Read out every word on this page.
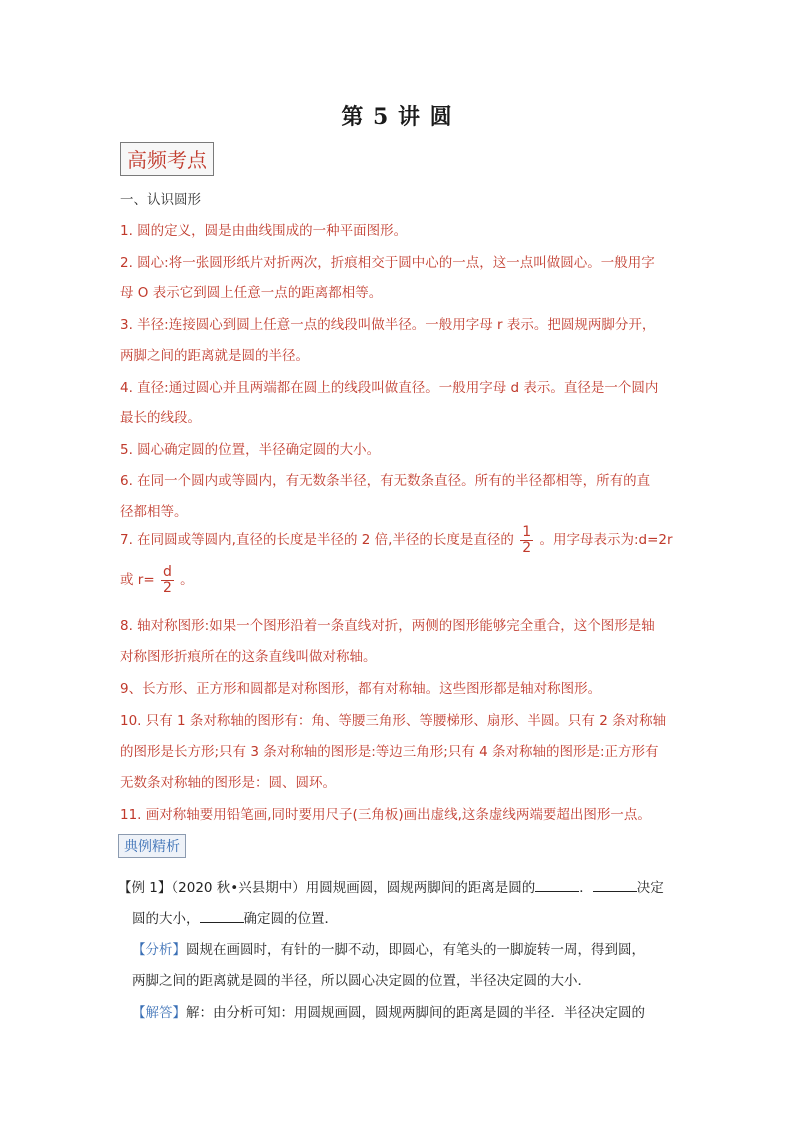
第 5 讲 圆
高频考点
一、认识圆形
1. 圆的定义，圆是由曲线围成的一种平面图形。
2. 圆心:将一张圆形纸片对折两次，折痕相交于圆中心的一点，这一点叫做圆心。一般用字
母 O 表示它到圆上任意一点的距离都相等。
3. 半径:连接圆心到圆上任意一点的线段叫做半径。一般用字母 r 表示。把圆规两脚分开，
两脚之间的距离就是圆的半径。
4. 直径:通过圆心并且两端都在圆上的线段叫做直径。一般用字母 d 表示。直径是一个圆内
最长的线段。
5. 圆心确定圆的位置，半径确定圆的大小。
6. 在同一个圆内或等圆内，有无数条半径，有无数条直径。所有的半径都相等，所有的直
径都相等。
7. 在同圆或等圆内,直径的长度是半径的 2 倍,半径的长度是直径的 $\frac{1}{2}$ 。用字母表示为:d=2r
或 $r= \frac{d}{2}$ 。
8. 轴对称图形:如果一个图形沿着一条直线对折，两侧的图形能够完全重合，这个图形是轴
对称图形折痕所在的这条直线叫做对称轴。
9、长方形、正方形和圆都是对称图形，都有对称轴。这些图形都是轴对称图形。
10. 只有 1 条对称轴的图形有：角、等腰三角形、等腰梯形、扇形、半圆。只有 2 条对称轴
的图形是长方形;只有 3 条对称轴的图形是:等边三角形;只有 4 条对称轴的图形是:正方形有
无数条对称轴的图形是：圆、圆环。
11. 画对称轴要用铅笔画,同时要用尺子(三角板)画出虚线,这条虚线两端要超出图形一点。
典例精析
【例 1】（2020 秋•兴县期中）用圆规画圆，圆规两脚间的距离是圆的	．	决定
圆的大小，	确定圆的位置．
【分析】圆规在画圆时，有针的一脚不动，即圆心，有笔头的一脚旋转一周，得到圆，
两脚之间的距离就是圆的半径，所以圆心决定圆的位置，半径决定圆的大小．
【解答】解：由分析可知：用圆规画圆，圆规两脚间的距离是圆的半径．半径决定圆的
